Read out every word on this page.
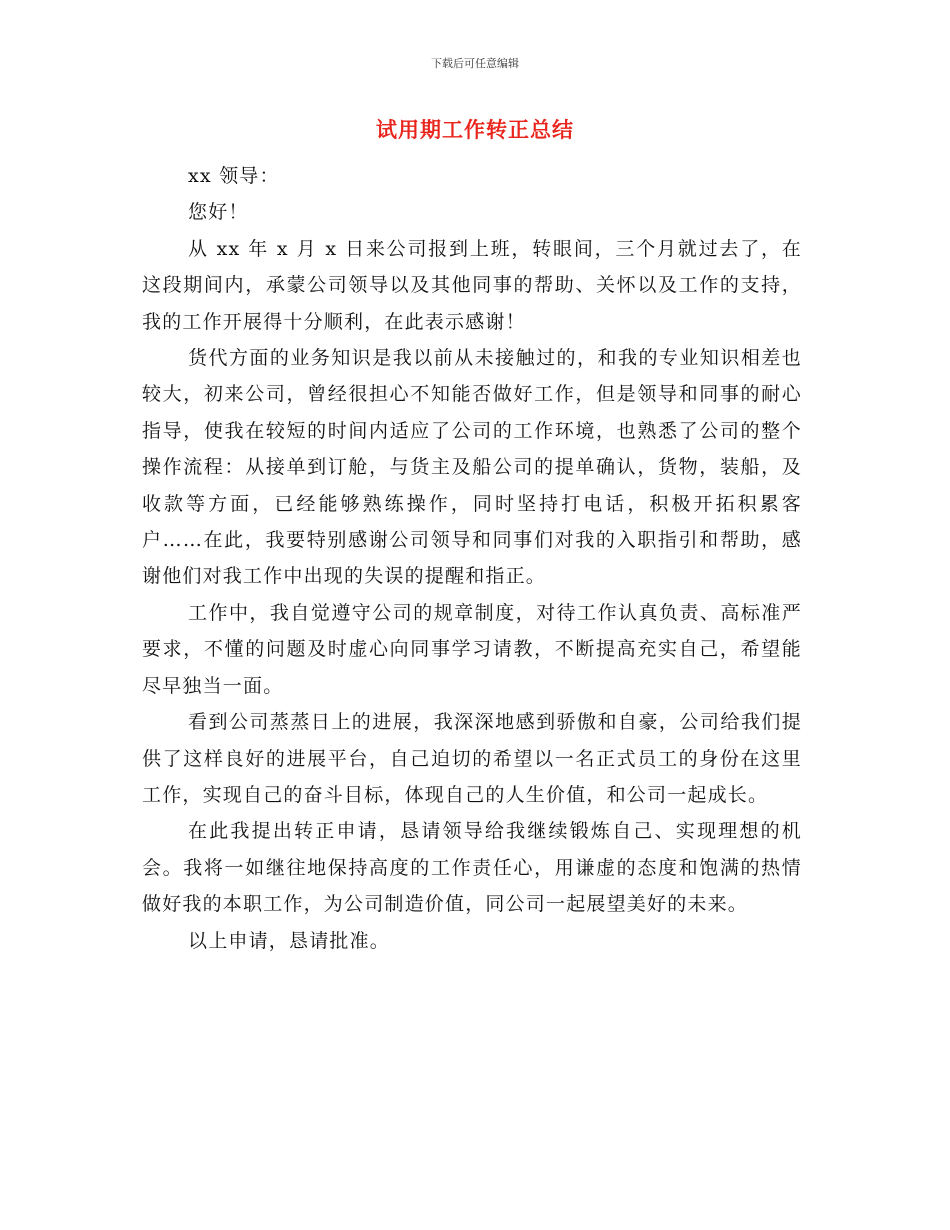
下载后可任意编辑
试用期工作转正总结

xx 领导：

您好！

从 xx 年 x 月 x 日来公司报到上班，转眼间，三个月就过去了，在这段期间内，承蒙公司领导以及其他同事的帮助、关怀以及工作的支持，我的工作开展得十分顺利，在此表示感谢！

货代方面的业务知识是我以前从未接触过的，和我的专业知识相差也较大，初来公司，曾经很担心不知能否做好工作，但是领导和同事的耐心指导，使我在较短的时间内适应了公司的工作环境，也熟悉了公司的整个操作流程：从接单到订舱，与货主及船公司的提单确认，货物，装船，及收款等方面，已经能够熟练操作，同时坚持打电话，积极开拓积累客户……在此，我要特别感谢公司领导和同事们对我的入职指引和帮助，感谢他们对我工作中出现的失误的提醒和指正。

工作中，我自觉遵守公司的规章制度，对待工作认真负责、高标准严要求，不懂的问题及时虚心向同事学习请教，不断提高充实自己，希望能尽早独当一面。

看到公司蒸蒸日上的进展，我深深地感到骄傲和自豪，公司给我们提供了这样良好的进展平台，自己迫切的希望以一名正式员工的身份在这里工作，实现自己的奋斗目标，体现自己的人生价值，和公司一起成长。

在此我提出转正申请，恳请领导给我继续锻炼自己、实现理想的机会。我将一如继往地保持高度的工作责任心，用谦虚的态度和饱满的热情做好我的本职工作，为公司制造价值，同公司一起展望美好的未来。

以上申请，恳请批准。
